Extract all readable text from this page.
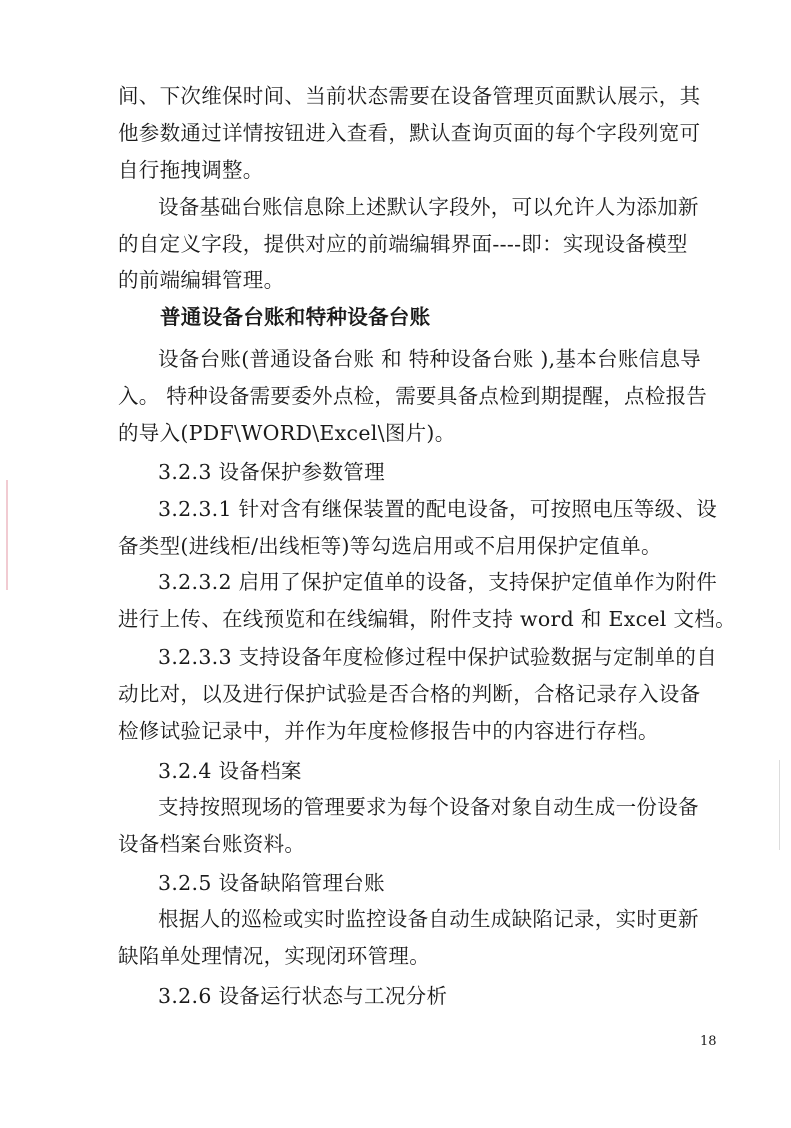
间、下次维保时间、当前状态需要在设备管理页面默认展示，其
他参数通过详情按钮进入查看，默认查询页面的每个字段列宽可
自行拖拽调整。
设备基础台账信息除上述默认字段外，可以允许人为添加新
的自定义字段，提供对应的前端编辑界面----即：实现设备模型
的前端编辑管理。
普通设备台账和特种设备台账
设备台账(普通设备台账 和 特种设备台账 ),基本台账信息导
入。 特种设备需要委外点检，需要具备点检到期提醒，点检报告
的导入(PDF\WORD\Excel\图片)。
3.2.3 设备保护参数管理
3.2.3.1 针对含有继保装置的配电设备，可按照电压等级、设
备类型(进线柜/出线柜等)等勾选启用或不启用保护定值单。
3.2.3.2 启用了保护定值单的设备，支持保护定值单作为附件
进行上传、在线预览和在线编辑，附件支持 word 和 Excel 文档。
3.2.3.3 支持设备年度检修过程中保护试验数据与定制单的自
动比对，以及进行保护试验是否合格的判断，合格记录存入设备
检修试验记录中，并作为年度检修报告中的内容进行存档。
3.2.4 设备档案
支持按照现场的管理要求为每个设备对象自动生成一份设备
设备档案台账资料。
3.2.5 设备缺陷管理台账
根据人的巡检或实时监控设备自动生成缺陷记录，实时更新
缺陷单处理情况，实现闭环管理。
3.2.6 设备运行状态与工况分析
18
